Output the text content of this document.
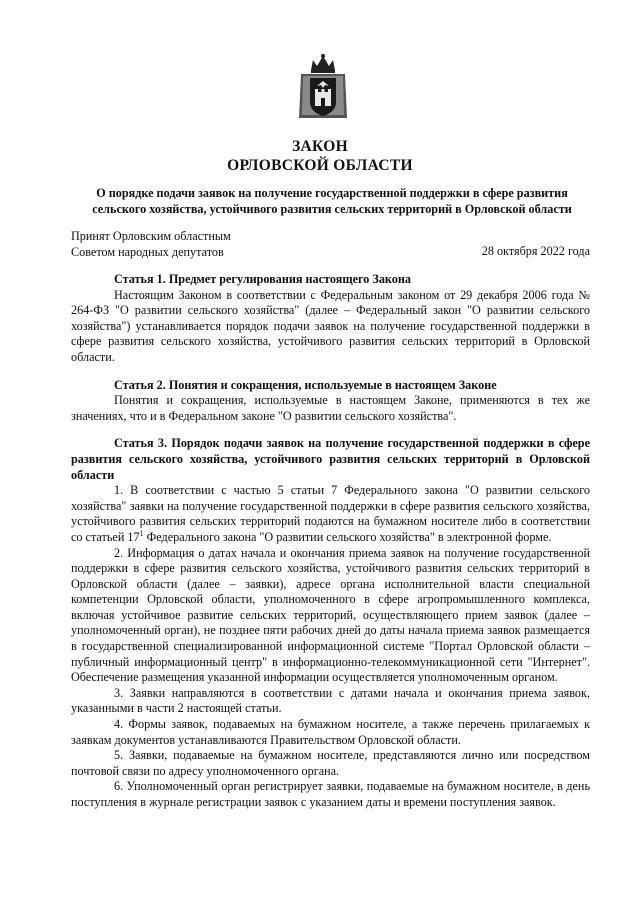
ЗАКОН
ОРЛОВСКОЙ ОБЛАСТИ
О порядке подачи заявок на получение государственной поддержки в сфере развития сельского хозяйства, устойчивого развития сельских территорий в Орловской области
Принят Орловским областным
Советом народных депутатов	28 октября 2022 года

Статья 1. Предмет регулирования настоящего Закона

Настоящим Законом в соответствии с Федеральным законом от 29 декабря 2006 года № 264-ФЗ "О развитии сельского хозяйства" (далее – Федеральный закон "О развитии сельского хозяйства") устанавливается порядок подачи заявок на получение государственной поддержки в сфере развития сельского хозяйства, устойчивого развития сельских территорий в Орловской области.

Статья 2. Понятия и сокращения, используемые в настоящем Законе

Понятия и сокращения, используемые в настоящем Законе, применяются в тех же значениях, что и в Федеральном законе "О развитии сельского хозяйства".

Статья 3. Порядок подачи заявок на получение государственной поддержки в сфере развития сельского хозяйства, устойчивого развития сельских территорий в Орловской области

1. В соответствии с частью 5 статьи 7 Федерального закона "О развитии сельского хозяйства" заявки на получение государственной поддержки в сфере развития сельского хозяйства, устойчивого развития сельских территорий подаются на бумажном носителе либо в соответствии со статьей $17^1$ Федерального закона "О развитии сельского хозяйства" в электронной форме.

2. Информация о датах начала и окончания приема заявок на получение государственной поддержки в сфере развития сельского хозяйства, устойчивого развития сельских территорий в Орловской области (далее – заявки), адресе органа исполнительной власти специальной компетенции Орловской области, уполномоченного в сфере агропромышленного комплекса, включая устойчивое развитие сельских территорий, осуществляющего прием заявок (далее – уполномоченный орган), не позднее пяти рабочих дней до даты начала приема заявок размещается в государственной специализированной информационной системе "Портал Орловской области – публичный информационный центр" в информационно-телекоммуникационной сети "Интернет". Обеспечение размещения указанной информации осуществляется уполномоченным органом.

3. Заявки направляются в соответствии с датами начала и окончания приема заявок, указанными в части 2 настоящей статьи.

4. Формы заявок, подаваемых на бумажном носителе, а также перечень прилагаемых к заявкам документов устанавливаются Правительством Орловской области.

5. Заявки, подаваемые на бумажном носителе, представляются лично или посредством почтовой связи по адресу уполномоченного органа.

6. Уполномоченный орган регистрирует заявки, подаваемые на бумажном носителе, в день поступления в журнале регистрации заявок с указанием даты и времени поступления заявок.
